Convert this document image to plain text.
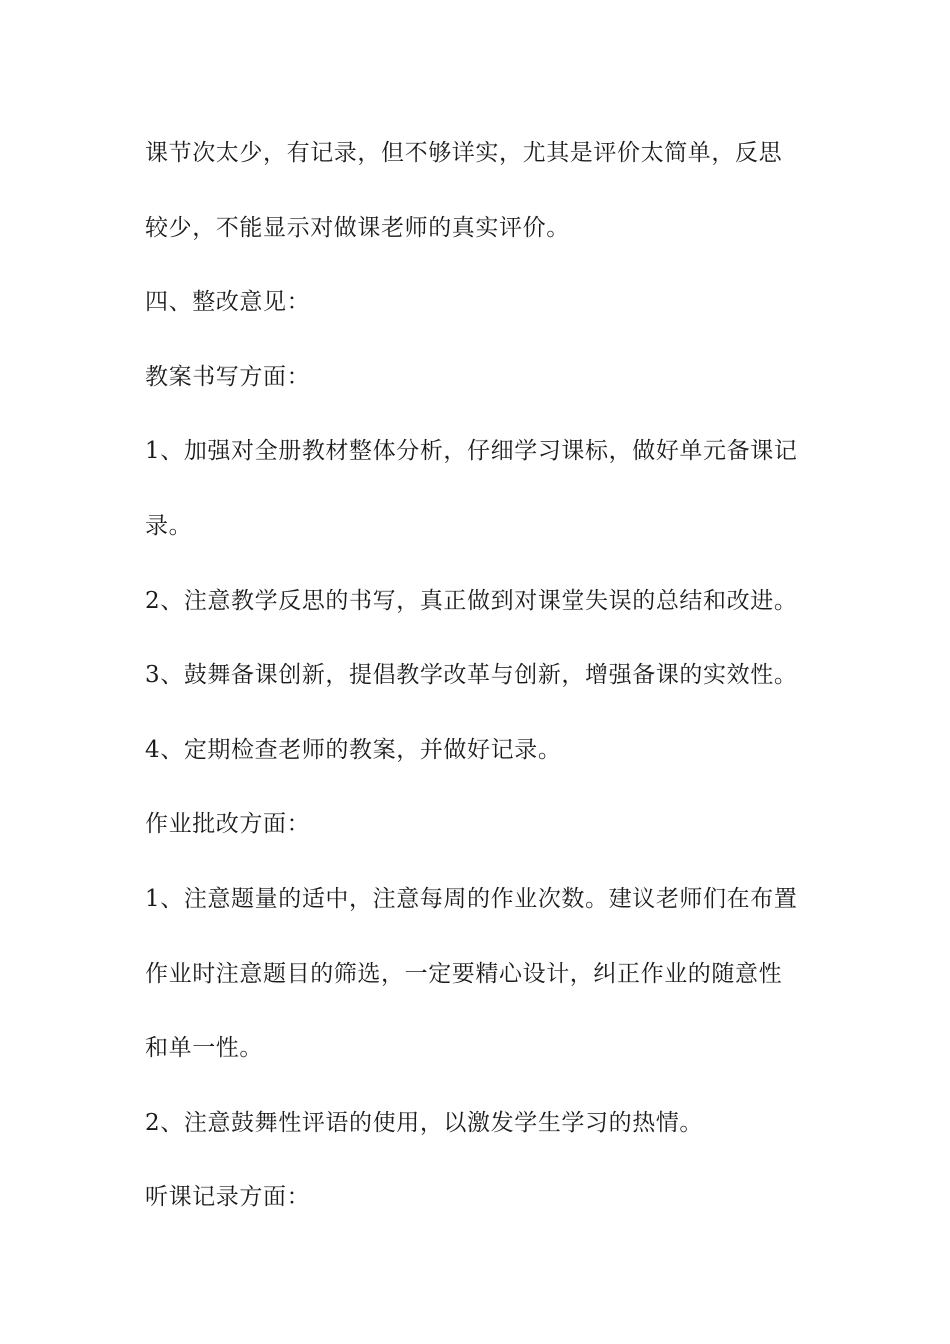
课节次太少，有记录，但不够详实，尤其是评价太简单，反思
较少，不能显示对做课老师的真实评价。
四、整改意见：
教案书写方面：
1、加强对全册教材整体分析，仔细学习课标，做好单元备课记
录。
2、注意教学反思的书写，真正做到对课堂失误的总结和改进。
3、鼓舞备课创新，提倡教学改革与创新，增强备课的实效性。
4、定期检查老师的教案，并做好记录。
作业批改方面：
1、注意题量的适中，注意每周的作业次数。建议老师们在布置
作业时注意题目的筛选，一定要精心设计，纠正作业的随意性
和单一性。
2、注意鼓舞性评语的使用，以激发学生学习的热情。
听课记录方面：
